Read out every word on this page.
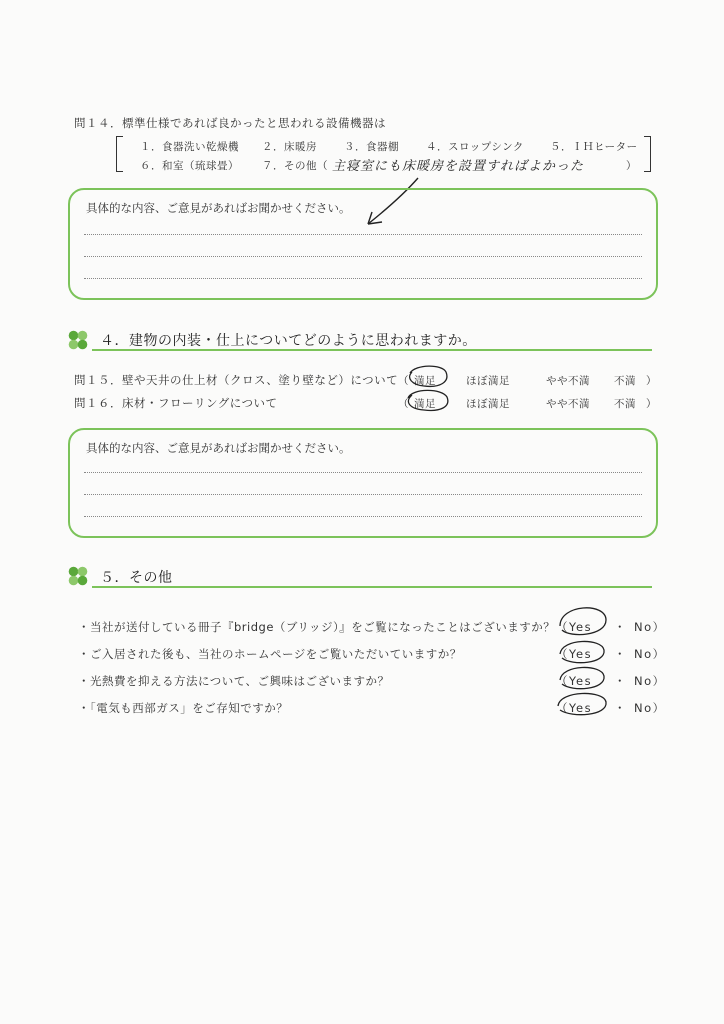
問１４．標準仕様であれば良かったと思われる設備機器は
１．食器洗い乾燥機 ２．床暖房	３．食器棚	４．スロップシンク ５．ＩＨヒーター
６．和室（琉球畳） ７．その他（ 主寝室にも床暖房を設置すればよかった	）
具体的な内容、ご意見があればお聞かせください。
４．建物の内装・仕上についてどのように思われますか。
問１５．壁や天井の仕上材（クロス、塗り壁など）について （ 満足	ほぼ満足	やや不満 不満 ）
問１６．床材・フローリングについて	（ 満足	ほぼ満足	やや不満 不満 ）
具体的な内容、ご意見があればお聞かせください。
５．その他
・当社が送付している冊子『bridge（ブリッジ）』をご覧になったことはございますか？ （Yes ・ No）
・ご入居された後も、当社のホームページをご覧いただいていますか？	（Yes ・ No）
・光熱費を抑える方法について、ご興味はございますか？	（Yes ・ No）
・「電気も西部ガス」をご存知ですか？	（Yes ・ No）
